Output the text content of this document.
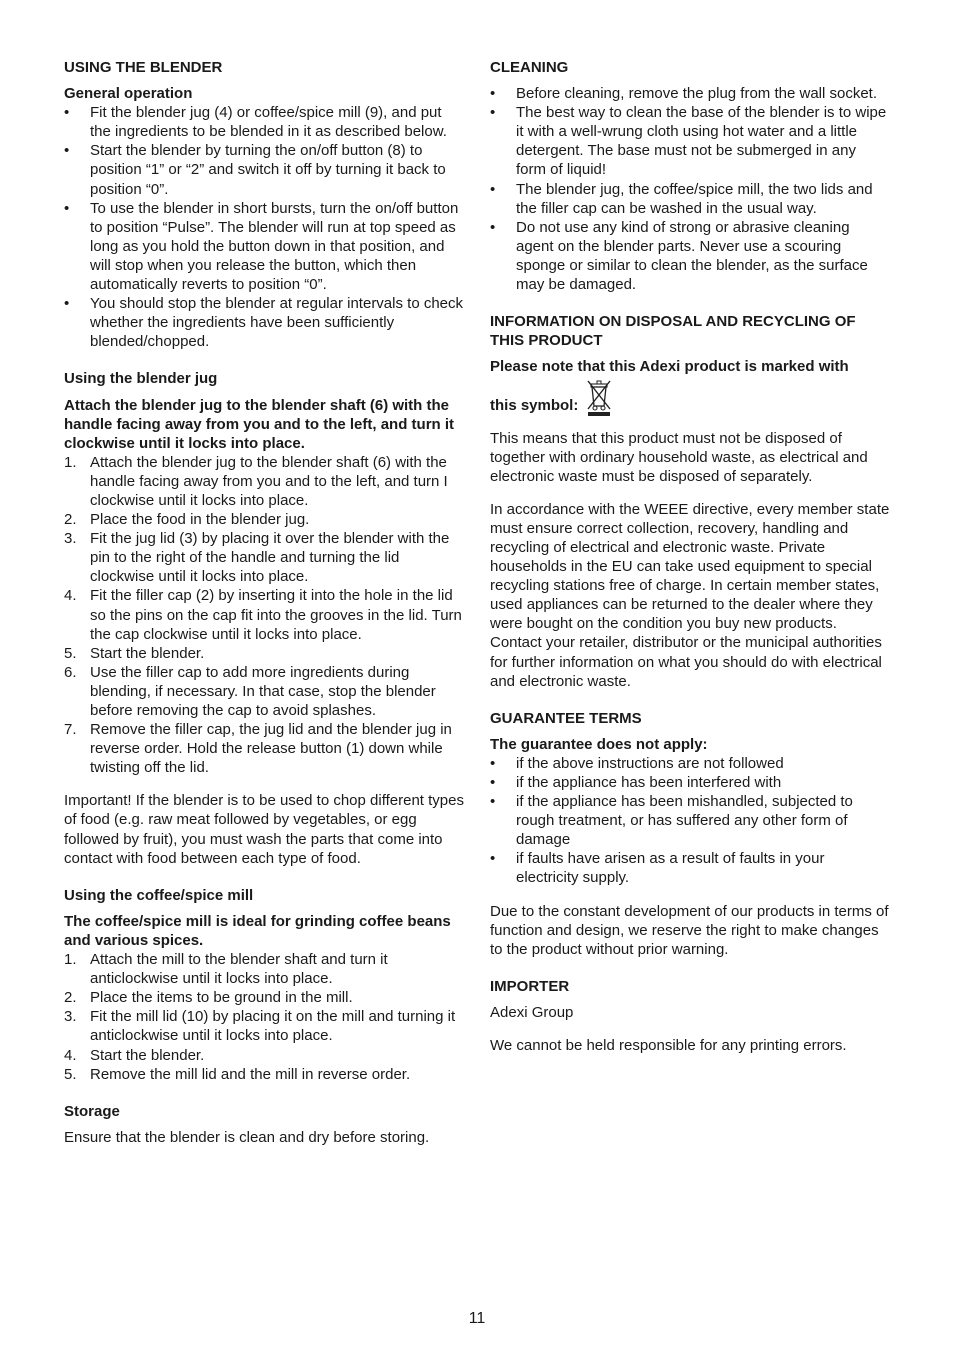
USING THE BLENDER
General operation
• Fit the blender jug (4) or coffee/spice mill (9), and put the ingredients to be blended in it as described below.
• Start the blender by turning the on/off button (8) to position “1” or “2” and switch it off by turning it back to position “0”.
• To use the blender in short bursts, turn the on/off button to position “Pulse”. The blender will run at top speed as long as you hold the button down in that position, and will stop when you release the button, which then automatically reverts to position “0”.
• You should stop the blender at regular intervals to check whether the ingredients have been sufficiently blended/chopped.
Using the blender jug

Attach the blender jug to the blender shaft (6) with the handle facing away from you and to the left, and turn it clockwise until it locks into place.

1. Attach the blender jug to the blender shaft (6) with the handle facing away from you and to the left, and turn I clockwise until it locks into place.
2. Place the food in the blender jug.
3. Fit the jug lid (3) by placing it over the blender with the pin to the right of the handle and turning the lid clockwise until it locks into place.
4. Fit the filler cap (2) by inserting it into the hole in the lid so the pins on the cap fit into the grooves in the lid. Turn the cap clockwise until it locks into place.
5. Start the blender.
6. Use the filler cap to add more ingredients during blending, if necessary. In that case, stop the blender before removing the cap to avoid splashes.
7. Remove the filler cap, the jug lid and the blender jug in reverse order. Hold the release button (1) down while twisting off the lid.

Important! If the blender is to be used to chop different types of food (e.g. raw meat followed by vegetables, or egg followed by fruit), you must wash the parts that come into contact with food between each type of food.

Using the coffee/spice mill

The coffee/spice mill is ideal for grinding coffee beans and various spices.

1. Attach the mill to the blender shaft and turn it anticlockwise until it locks into place.
2. Place the items to be ground in the mill.
3. Fit the mill lid (10) by placing it on the mill and turning it anticlockwise until it locks into place.
4. Start the blender.
5. Remove the mill lid and the mill in reverse order.
Storage

Ensure that the blender is clean and dry before storing.

CLEANING
• Before cleaning, remove the plug from the wall socket.
• The best way to clean the base of the blender is to wipe it with a well-wrung cloth using hot water and a little detergent. The base must not be submerged in any form of liquid!
• The blender jug, the coffee/spice mill, the two lids and the filler cap can be washed in the usual way.
• Do not use any kind of strong or abrasive cleaning agent on the blender parts. Never use a scouring sponge or similar to clean the blender, as the surface may be damaged.
INFORMATION ON DISPOSAL AND RECYCLING OF THIS PRODUCT

Please note that this Adexi product is marked with

this symbol:

This means that this product must not be disposed of together with ordinary household waste, as electrical and electronic waste must be disposed of separately.

In accordance with the WEEE directive, every member state must ensure correct collection, recovery, handling and recycling of electrical and electronic waste. Private households in the EU can take used equipment to special recycling stations free of charge. In certain member states, used appliances can be returned to the dealer where they were bought on the condition you buy new products. Contact your retailer, distributor or the municipal authorities for further information on what you should do with electrical and electronic waste.

GUARANTEE TERMS

The guarantee does not apply:

• if the above instructions are not followed
• if the appliance has been interfered with
• if the appliance has been mishandled, subjected to rough treatment, or has suffered any other form of damage
• if faults have arisen as a result of faults in your electricity supply.

Due to the constant development of our products in terms of function and design, we reserve the right to make changes to the product without prior warning.

IMPORTER

Adexi Group

We cannot be held responsible for any printing errors.

11
